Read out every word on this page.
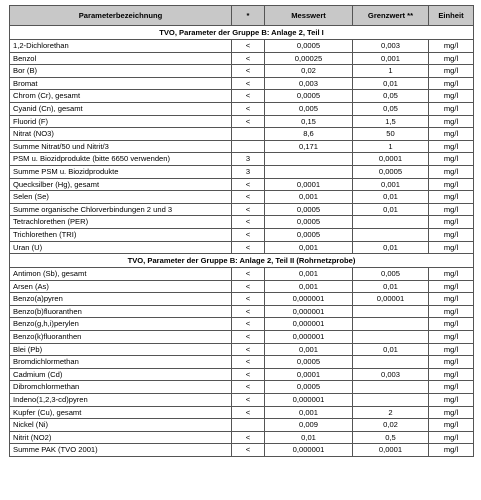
Parameterbezeichnung	*	Messwert	Grenzwert **	Einheit
TVO, Parameter der Gruppe B: Anlage 2, Teil I				
1,2-Dichlorethan	<	0,0005	0,003	mg/l
Benzol	<	0,00025	0,001	mg/l
Bor (B)	<	0,02	1	mg/l
Bromat	<	0,003	0,01	mg/l
Chrom (Cr), gesamt	<	0,0005	0,05	mg/l
Cyanid (Cn), gesamt	<	0,005	0,05	mg/l
Fluorid (F)	<	0,15	1,5	mg/l
Nitrat (NO3)		8,6	50	mg/l
Summe Nitrat/50 und Nitrit/3		0,171	1	mg/l
PSM u. Biozidprodukte (bitte 6650 verwenden)	3		0,0001	mg/l
Summe PSM u. Biozidprodukte	3		0,0005	mg/l
Quecksilber (Hg), gesamt	<	0,0001	0,001	mg/l
Selen (Se)	<	0,001	0,01	mg/l
Summe organische Chlorverbindungen 2 und 3	<	0,0005	0,01	mg/l
Tetrachlorethen (PER)	<	0,0005		mg/l
Trichlorethen (TRI)	<	0,0005		mg/l
Uran (U)	<	0,001	0,01	mg/l
TVO, Parameter der Gruppe B: Anlage 2, Teil II (Rohrnetzprobe)				
Antimon (Sb), gesamt	<	0,001	0,005	mg/l
Arsen (As)	<	0,001	0,01	mg/l
Benzo(a)pyren	<	0,000001	0,00001	mg/l
Benzo(b)fluoranthen	<	0,000001		mg/l
Benzo(g,h,i)perylen	<	0,000001		mg/l
Benzo(k)fluoranthen	<	0,000001		mg/l
Blei (Pb)	<	0,001	0,01	mg/l
Bromdichlormethan	<	0,0005		mg/l
Cadmium (Cd)	<	0,0001	0,003	mg/l
Dibromchlormethan	<	0,0005		mg/l
Indeno(1,2,3-cd)pyren	<	0,000001		mg/l
Kupfer (Cu), gesamt	<	0,001	2	mg/l
Nickel (Ni)		0,009	0,02	mg/l
Nitrit (NO2)	<	0,01	0,5	mg/l
Summe PAK (TVO 2001)	<	0,000001	0,0001	mg/l
